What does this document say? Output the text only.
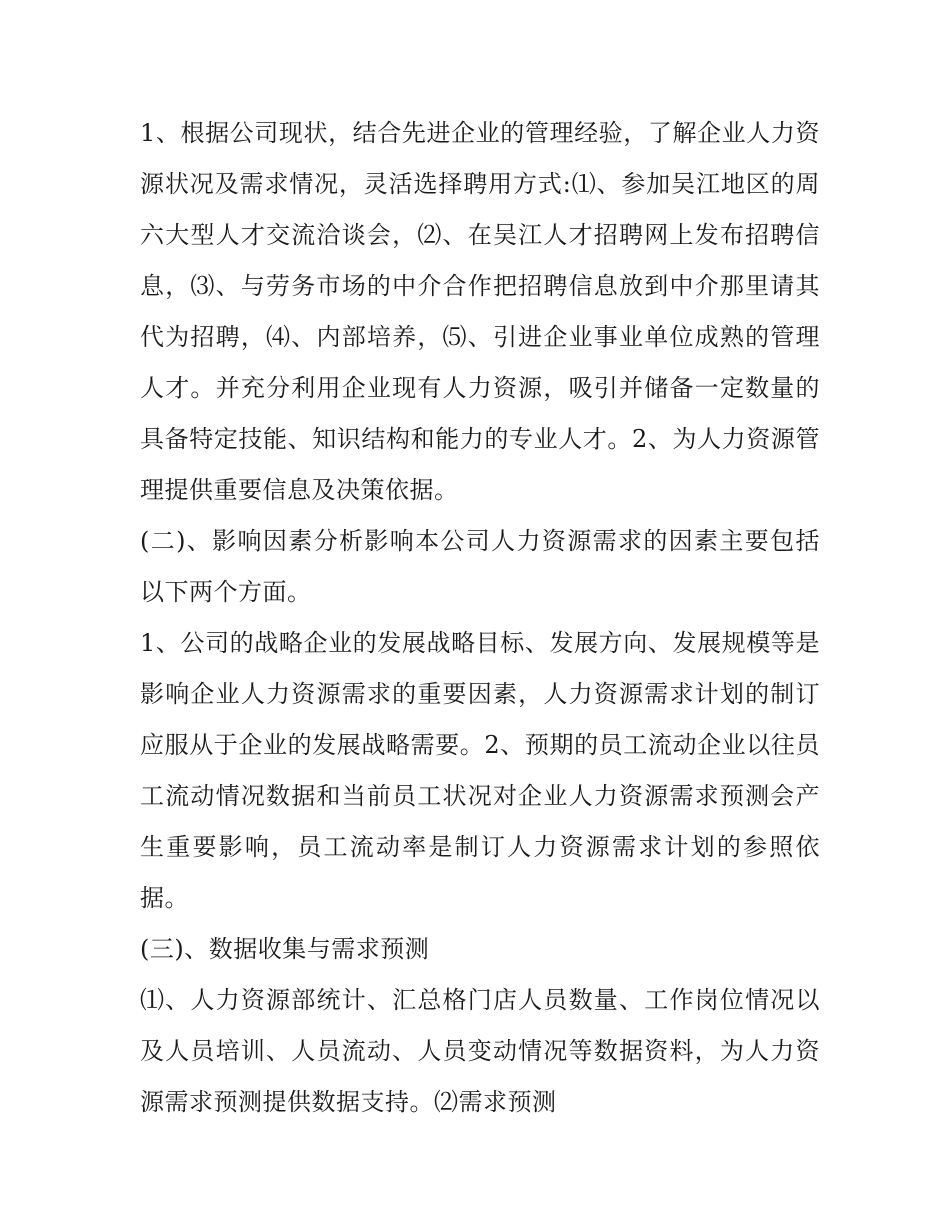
1、根据公司现状，结合先进企业的管理经验，了解企业人力资源状况及需求情况，灵活选择聘用方式:⑴、参加吴江地区的周六大型人才交流洽谈会，⑵、在吴江人才招聘网上发布招聘信息，⑶、与劳务市场的中介合作把招聘信息放到中介那里请其代为招聘，⑷、内部培养，⑸、引进企业事业单位成熟的管理人才。并充分利用企业现有人力资源，吸引并储备一定数量的具备特定技能、知识结构和能力的专业人才。2、为人力资源管理提供重要信息及决策依据。

(二)、影响因素分析影响本公司人力资源需求的因素主要包括以下两个方面。

1、公司的战略企业的发展战略目标、发展方向、发展规模等是影响企业人力资源需求的重要因素，人力资源需求计划的制订应服从于企业的发展战略需要。2、预期的员工流动企业以往员工流动情况数据和当前员工状况对企业人力资源需求预测会产生重要影响，员工流动率是制订人力资源需求计划的参照依据。

(三)、数据收集与需求预测

⑴、人力资源部统计、汇总格门店人员数量、工作岗位情况以及人员培训、人员流动、人员变动情况等数据资料，为人力资源需求预测提供数据支持。⑵需求预测
